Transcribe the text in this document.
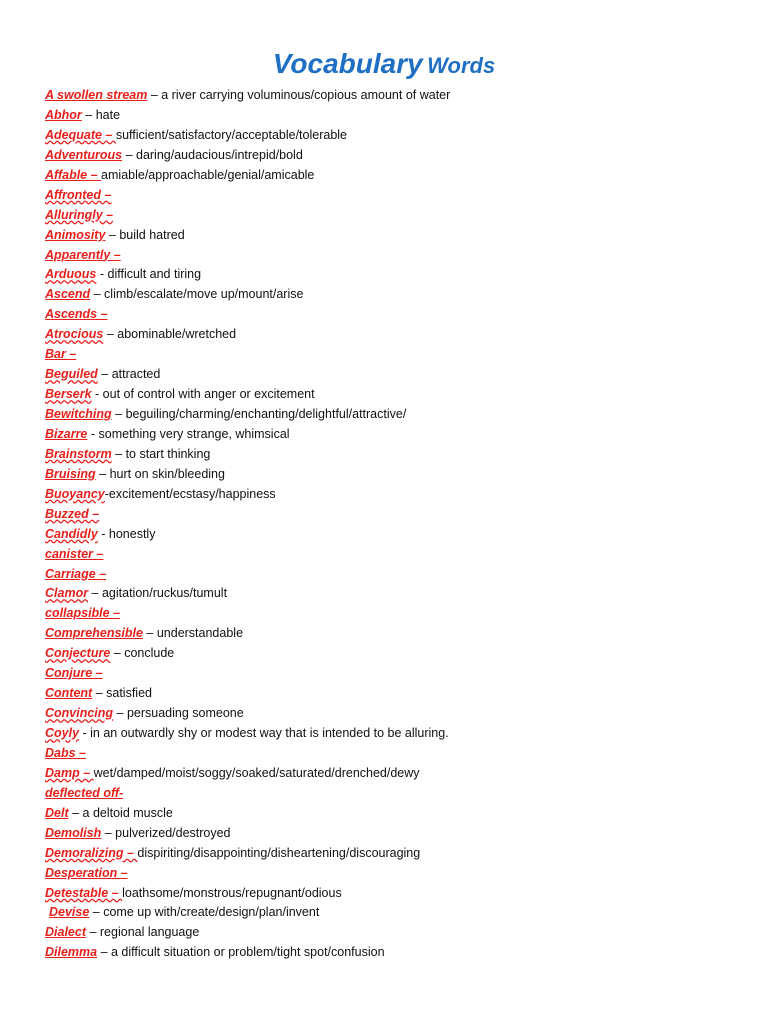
Vocabulary Words
A swollen stream – a river carrying voluminous/copious amount of water
Abhor – hate
Adequate – sufficient/satisfactory/acceptable/tolerable
Adventurous – daring/audacious/intrepid/bold
Affable – amiable/approachable/genial/amicable
Affronted –
Alluringly –
Animosity – build hatred
Apparently –
Arduous - difficult and tiring
Ascend – climb/escalate/move up/mount/arise
Ascends –
Atrocious – abominable/wretched
Bar –
Beguiled – attracted
Berserk - out of control with anger or excitement
Bewitching – beguiling/charming/enchanting/delightful/attractive/
Bizarre - something very strange, whimsical
Brainstorm – to start thinking
Bruising – hurt on skin/bleeding
Buoyancy-excitement/ecstasy/happiness
Buzzed –
Candidly - honestly
canister –
Carriage –
Clamor – agitation/ruckus/tumult
collapsible –
Comprehensible – understandable
Conjecture – conclude
Conjure –
Content – satisfied
Convincing – persuading someone
Coyly - in an outwardly shy or modest way that is intended to be alluring.
Dabs –
Damp – wet/damped/moist/soggy/soaked/saturated/drenched/dewy
deflected off-
Delt – a deltoid muscle
Demolish – pulverized/destroyed
Demoralizing – dispiriting/disappointing/disheartening/discouraging
Desperation –
Detestable – loathsome/monstrous/repugnant/odious
Devise – come up with/create/design/plan/invent
Dialect – regional language
Dilemma – a difficult situation or problem/tight spot/confusion
